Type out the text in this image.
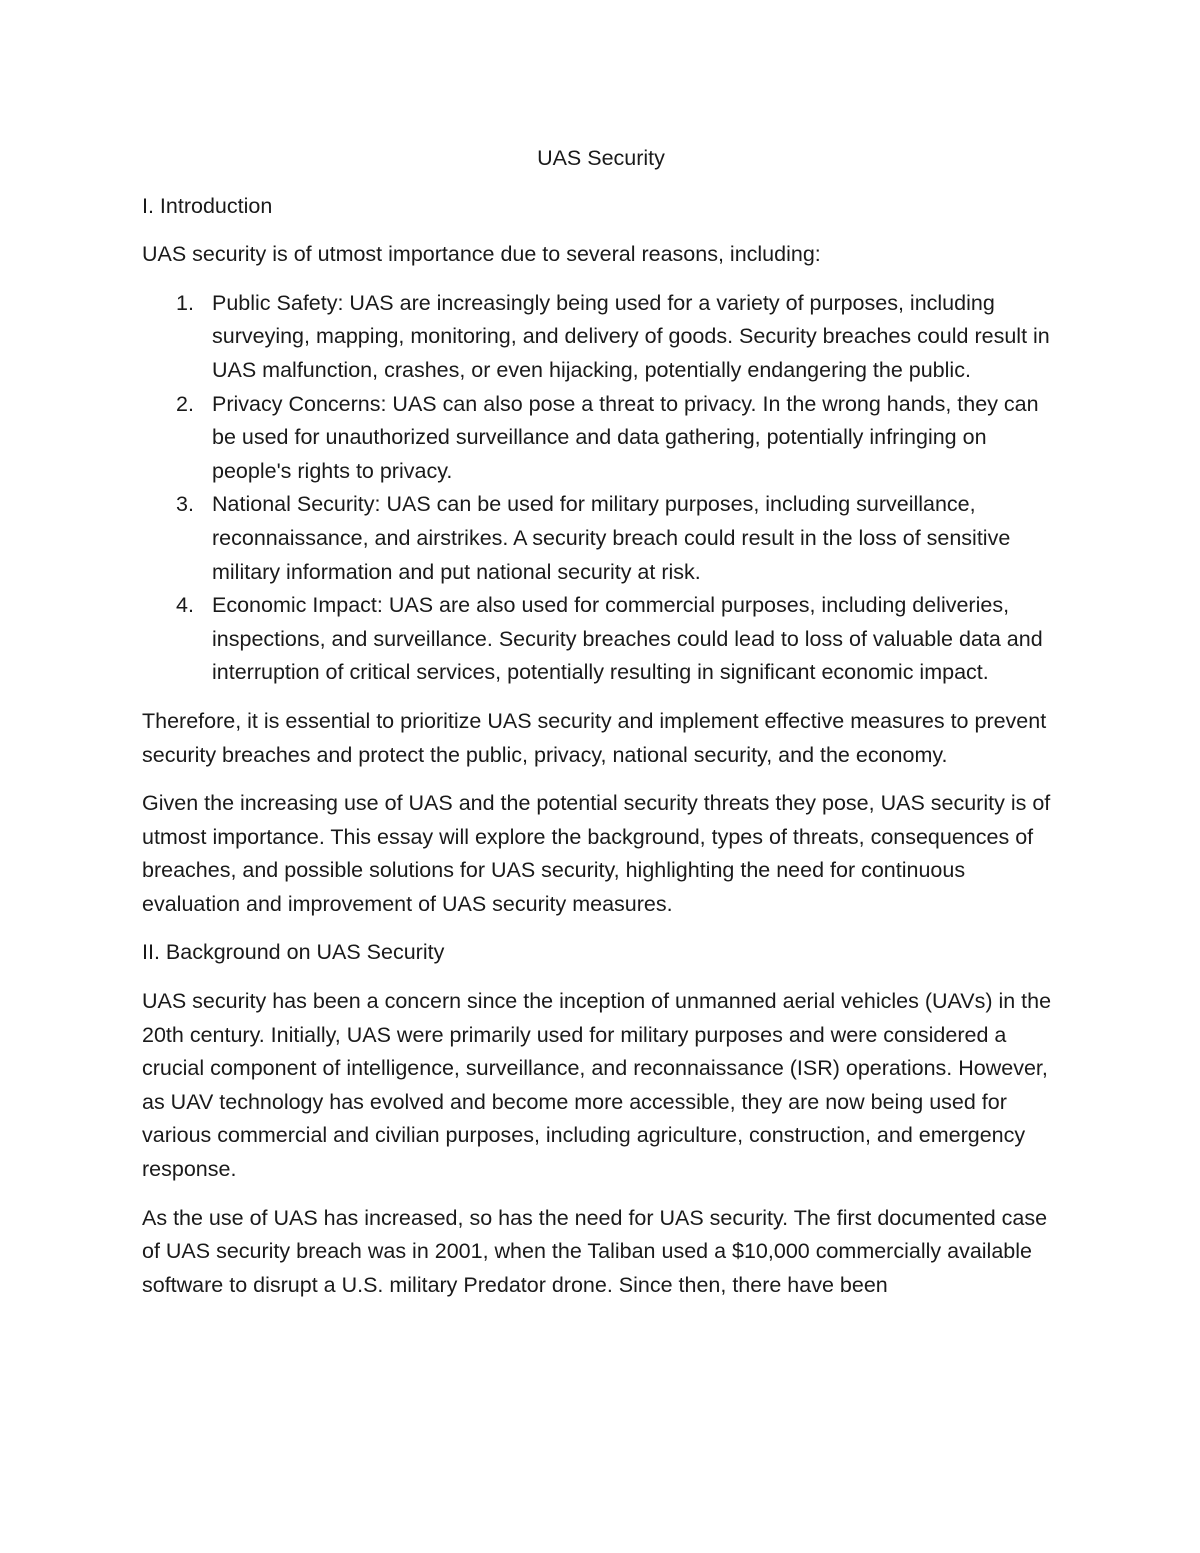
UAS Security
I. Introduction
UAS security is of utmost importance due to several reasons, including:
1. Public Safety: UAS are increasingly being used for a variety of purposes, including surveying, mapping, monitoring, and delivery of goods. Security breaches could result in UAS malfunction, crashes, or even hijacking, potentially endangering the public.
2. Privacy Concerns: UAS can also pose a threat to privacy. In the wrong hands, they can be used for unauthorized surveillance and data gathering, potentially infringing on people's rights to privacy.
3. National Security: UAS can be used for military purposes, including surveillance, reconnaissance, and airstrikes. A security breach could result in the loss of sensitive military information and put national security at risk.
4. Economic Impact: UAS are also used for commercial purposes, including deliveries, inspections, and surveillance. Security breaches could lead to loss of valuable data and interruption of critical services, potentially resulting in significant economic impact.
Therefore, it is essential to prioritize UAS security and implement effective measures to prevent security breaches and protect the public, privacy, national security, and the economy.
Given the increasing use of UAS and the potential security threats they pose, UAS security is of utmost importance. This essay will explore the background, types of threats, consequences of breaches, and possible solutions for UAS security, highlighting the need for continuous evaluation and improvement of UAS security measures.
II. Background on UAS Security
UAS security has been a concern since the inception of unmanned aerial vehicles (UAVs) in the 20th century. Initially, UAS were primarily used for military purposes and were considered a crucial component of intelligence, surveillance, and reconnaissance (ISR) operations. However, as UAV technology has evolved and become more accessible, they are now being used for various commercial and civilian purposes, including agriculture, construction, and emergency response.
As the use of UAS has increased, so has the need for UAS security. The first documented case of UAS security breach was in 2001, when the Taliban used a $10,000 commercially available software to disrupt a U.S. military Predator drone. Since then, there have been
